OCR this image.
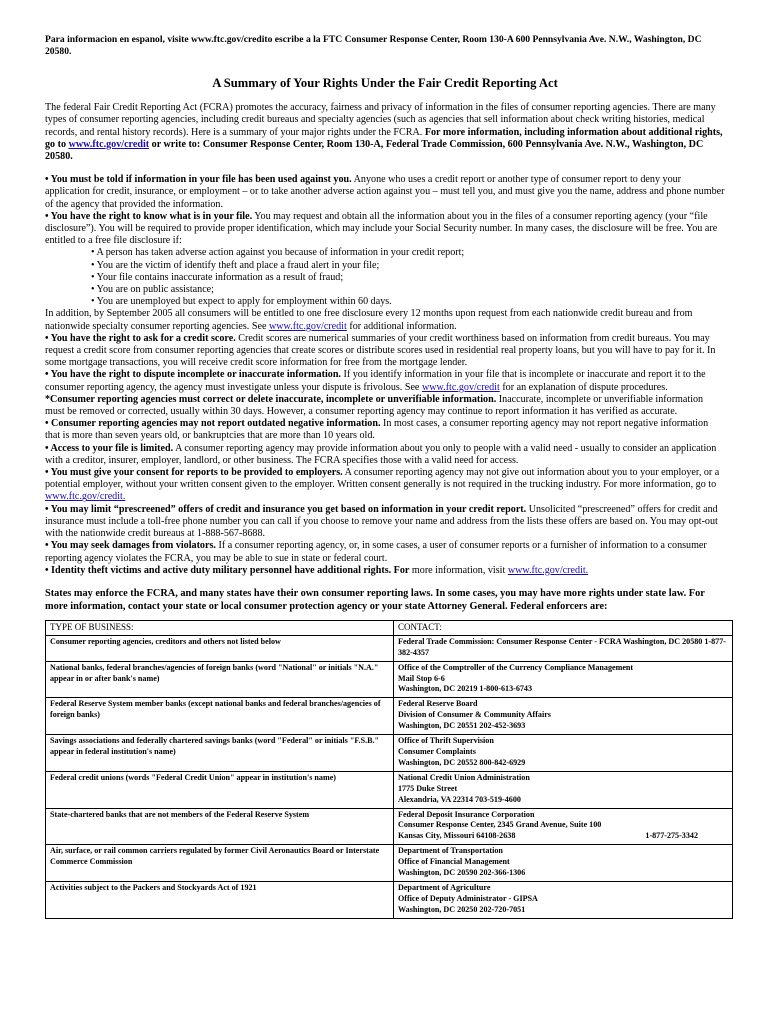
Para informacion en espanol, visite www.ftc.gov/credito escribe a la FTC Consumer Response Center, Room 130-A 600 Pennsylvania Ave. N.W., Washington, DC 20580.

A Summary of Your Rights Under the Fair Credit Reporting Act

The federal Fair Credit Reporting Act (FCRA) promotes the accuracy, fairness and privacy of information in the files of consumer reporting agencies. There are many types of consumer reporting agencies, including credit bureaus and specialty agencies (such as agencies that sell information about check writing histories, medical records, and rental history records). Here is a summary of your major rights under the FCRA. For more information, including information about additional rights, go to www.ftc.gov/credit or write to: Consumer Response Center, Room 130-A, Federal Trade Commission, 600 Pennsylvania Ave. N.W., Washington, DC 20580.

• You must be told if information in your file has been used against you. Anyone who uses a credit report or another type of consumer report to deny your application for credit, insurance, or employment – or to take another adverse action against you – must tell you, and must give you the name, address and phone number of the agency that provided the information.

• You have the right to know what is in your file. You may request and obtain all the information about you in the files of a consumer reporting agency (your “file disclosure”). You will be required to provide proper identification, which may include your Social Security number. In many cases, the disclosure will be free. You are entitled to a free file disclosure if:

• A person has taken adverse action against you because of information in your credit report;

• You are the victim of identify theft and place a fraud alert in your file;

• Your file contains inaccurate information as a result of fraud;

• You are on public assistance;

• You are unemployed but expect to apply for employment within 60 days.

In addition, by September 2005 all consumers will be entitled to one free disclosure every 12 months upon request from each nationwide credit bureau and from nationwide specialty consumer reporting agencies. See www.ftc.gov/credit for additional information.

• You have the right to ask for a credit score. Credit scores are numerical summaries of your credit worthiness based on information from credit bureaus. You may request a credit score from consumer reporting agencies that create scores or distribute scores used in residential real property loans, but you will have to pay for it. In some mortgage transactions, you will receive credit score information for free from the mortgage lender.

• You have the right to dispute incomplete or inaccurate information. If you identify information in your file that is incomplete or inaccurate and report it to the consumer reporting agency, the agency must investigate unless your dispute is frivolous. See www.ftc.gov/credit for an explanation of dispute procedures.

*Consumer reporting agencies must correct or delete inaccurate, incomplete or unverifiable information. Inaccurate, incomplete or unverifiable information must be removed or corrected, usually within 30 days. However, a consumer reporting agency may continue to report information it has verified as accurate.

• Consumer reporting agencies may not report outdated negative information. In most cases, a consumer reporting agency may not report negative information that is more than seven years old, or bankruptcies that are more than 10 years old.

• Access to your file is limited. A consumer reporting agency may provide information about you only to people with a valid need - usually to consider an application with a creditor, insurer, employer, landlord, or other business. The FCRA specifies those with a valid need for access.

• You must give your consent for reports to be provided to employers. A consumer reporting agency may not give out information about you to your employer, or a potential employer, without your written consent given to the employer. Written consent generally is not required in the trucking industry. For more information, go to www.ftc.gov/credit.

• You may limit “prescreened” offers of credit and insurance you get based on information in your credit report. Unsolicited “prescreened” offers for credit and insurance must include a toll-free phone number you can call if you choose to remove your name and address from the lists these offers are based on. You may opt-out with the nationwide credit bureaus at 1-888-567-8688.

• You may seek damages from violators. If a consumer reporting agency, or, in some cases, a user of consumer reports or a furnisher of information to a consumer reporting agency violates the FCRA, you may be able to sue in state or federal court.

• Identity theft victims and active duty military personnel have additional rights. For more information, visit www.ftc.gov/credit.

States may enforce the FCRA, and many states have their own consumer reporting laws. In some cases, you may have more rights under state law. For more information, contact your state or local consumer protection agency or your state Attorney General. Federal enforcers are:

TYPE OF BUSINESS:	CONTACT:
Consumer reporting agencies, creditors and others not listed below	Federal Trade Commission: Consumer Response Center - FCRA Washington, DC 20580 1-877-382-4357

National banks, federal branches/agencies of foreign banks (word "National" or initials "N.A." appear in or after bank's name)	Office of the Comptroller of the Currency Compliance Management
Mail Stop 6-6
Washington, DC 20219 1-800-613-6743

Federal Reserve System member banks (except national banks and federal branches/agencies of foreign banks)	Federal Reserve Board
Division of Consumer & Community Affairs
Washington, DC 20551 202-452-3693

Savings associations and federally chartered savings banks (word "Federal" or initials "F.S.B." appear in federal institution's name)	Office of Thrift Supervision
Consumer Complaints
Washington, DC 20552 800-842-6929

Federal credit unions (words "Federal Credit Union" appear in institution's name)	National Credit Union Administration
1775 Duke Street
Alexandria, VA 22314 703-519-4600

State-chartered banks that are not members of the Federal Reserve System	Federal Deposit Insurance Corporation
Consumer Response Center, 2345 Grand Avenue, Suite 100
Kansas City, Missouri 64108-2638 1-877-275-3342

Air, surface, or rail common carriers regulated by former Civil Aeronautics Board or Interstate Commerce Commission	Department of Transportation
Office of Financial Management
Washington, DC 20590 202-366-1306

Activities subject to the Packers and Stockyards Act of 1921	Department of Agriculture
Office of Deputy Administrator - GIPSA
Washington, DC 20250 202-720-7051
